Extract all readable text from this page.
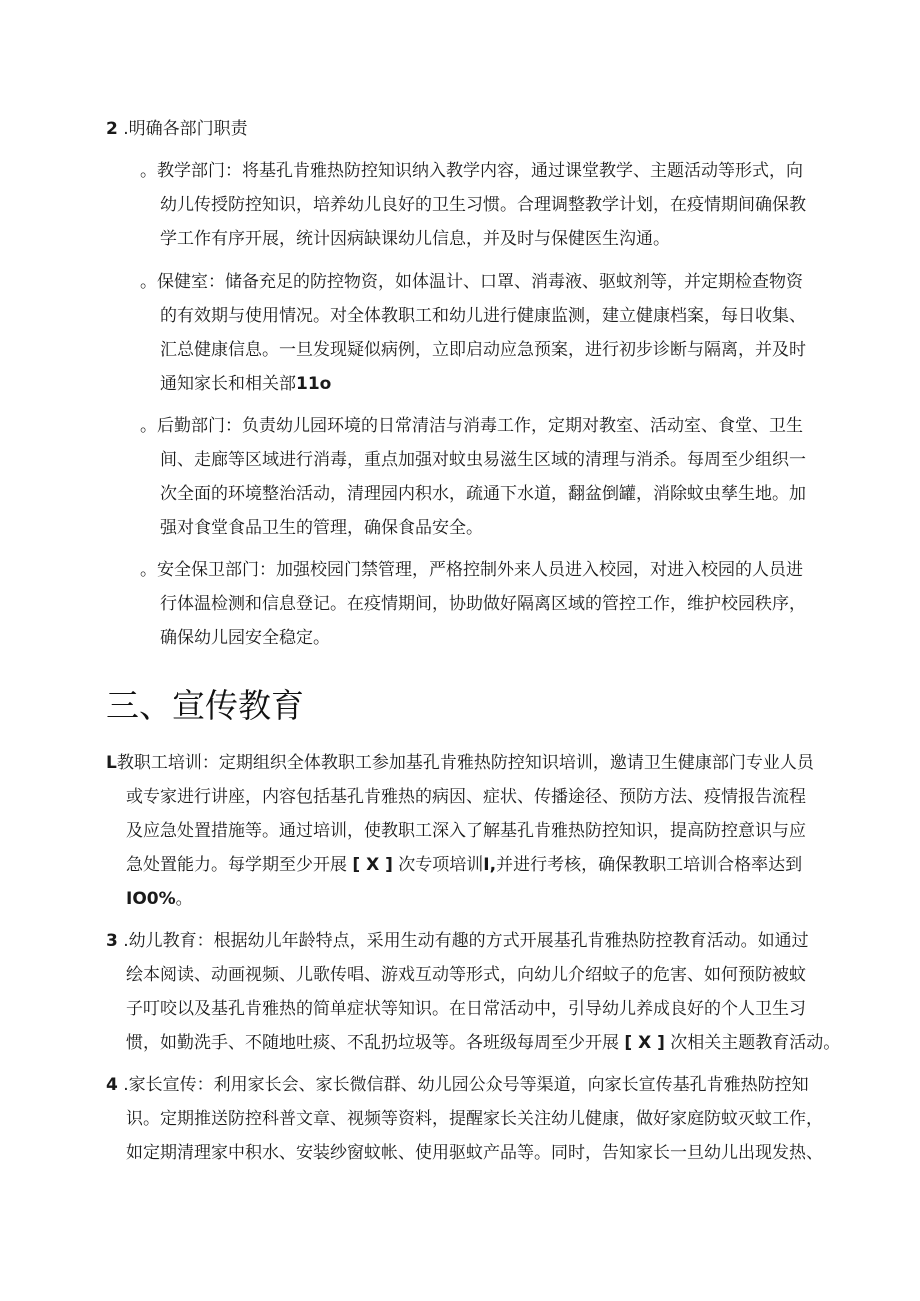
2 .明确各部门职责
。教学部门：将基孔肯雅热防控知识纳入教学内容，通过课堂教学、主题活动等形式，向
幼儿传授防控知识，培养幼儿良好的卫生习惯。合理调整教学计划，在疫情期间确保教
学工作有序开展，统计因病缺课幼儿信息，并及时与保健医生沟通。
。保健室：储备充足的防控物资，如体温计、口罩、消毒液、驱蚊剂等，并定期检查物资
的有效期与使用情况。对全体教职工和幼儿进行健康监测，建立健康档案，每日收集、
汇总健康信息。一旦发现疑似病例，立即启动应急预案，进行初步诊断与隔离，并及时
通知家长和相关部11o
。后勤部门：负责幼儿园环境的日常清洁与消毒工作，定期对教室、活动室、食堂、卫生
间、走廊等区域进行消毒，重点加强对蚊虫易滋生区域的清理与消杀。每周至少组织一
次全面的环境整治活动，清理园内积水，疏通下水道，翻盆倒罐，消除蚊虫孳生地。加
强对食堂食品卫生的管理，确保食品安全。
。安全保卫部门：加强校园门禁管理，严格控制外来人员进入校园，对进入校园的人员进
行体温检测和信息登记。在疫情期间，协助做好隔离区域的管控工作，维护校园秩序，
确保幼儿园安全稳定。
三、宣传教育
L教职工培训：定期组织全体教职工参加基孔肯雅热防控知识培训，邀请卫生健康部门专业人员
或专家进行讲座，内容包括基孔肯雅热的病因、症状、传播途径、预防方法、疫情报告流程
及应急处置措施等。通过培训，使教职工深入了解基孔肯雅热防控知识，提高防控意识与应
急处置能力。每学期至少开展 [ X ] 次专项培训I,并进行考核，确保教职工培训合格率达到
IO0%。
3 .幼儿教育：根据幼儿年龄特点，采用生动有趣的方式开展基孔肯雅热防控教育活动。如通过
绘本阅读、动画视频、儿歌传唱、游戏互动等形式，向幼儿介绍蚊子的危害、如何预防被蚊
子叮咬以及基孔肯雅热的简单症状等知识。在日常活动中，引导幼儿养成良好的个人卫生习
惯，如勤洗手、不随地吐痰、不乱扔垃圾等。各班级每周至少开展 [ X ] 次相关主题教育活动。
4 .家长宣传：利用家长会、家长微信群、幼儿园公众号等渠道，向家长宣传基孔肯雅热防控知
识。定期推送防控科普文章、视频等资料，提醒家长关注幼儿健康，做好家庭防蚊灭蚊工作，
如定期清理家中积水、安装纱窗蚊帐、使用驱蚊产品等。同时，告知家长一旦幼儿出现发热、
